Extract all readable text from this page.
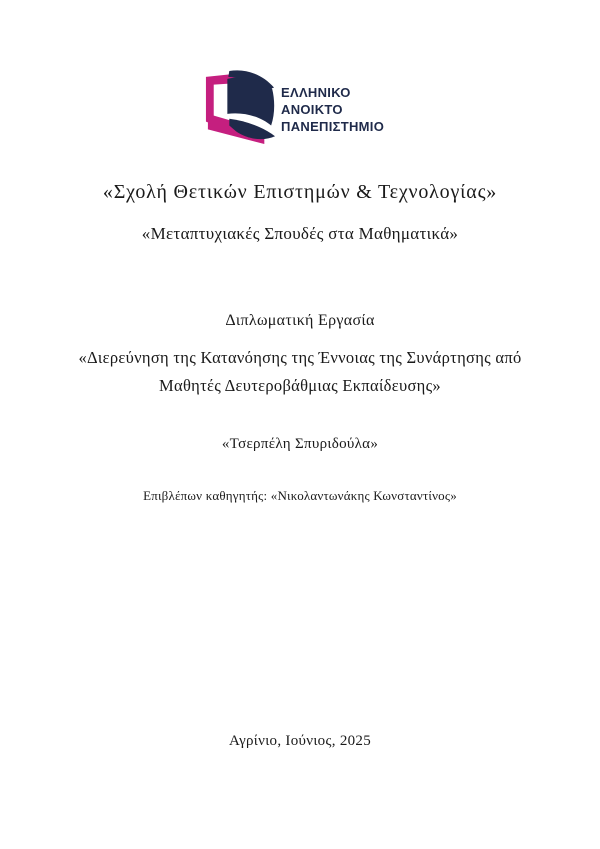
ΕΛΛΗΝΙΚΟ
ΑΝΟΙΚΤΟ
ΠΑΝΕΠΙΣΤΗΜΙΟ
«Σχολή Θετικών Επιστημών & Τεχνολογίας»
«Μεταπτυχιακές Σπουδές στα Μαθηματικά»
Διπλωματική Εργασία
«Διερεύνηση της Κατανόησης της Έννοιας της Συνάρτησης από
Μαθητές Δευτεροβάθμιας Εκπαίδευσης»
«Τσερπέλη Σπυριδούλα»
Επιβλέπων καθηγητής: «Νικολαντωνάκης Κωνσταντίνος»
Αγρίνιο, Ιούνιος, 2025
